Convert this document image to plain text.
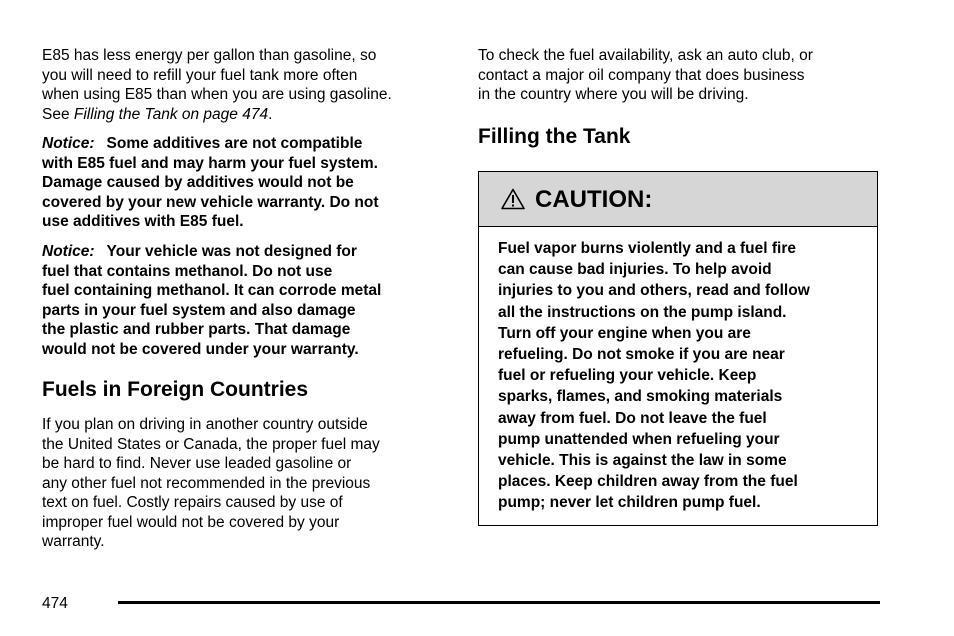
E85 has less energy per gallon than gasoline, so
you will need to refill your fuel tank more often
when using E85 than when you are using gasoline.
See Filling the Tank on page 474.

Notice: Some additives are not compatible
with E85 fuel and may harm your fuel system.
Damage caused by additives would not be
covered by your new vehicle warranty. Do not
use additives with E85 fuel.

Notice: Your vehicle was not designed for
fuel that contains methanol. Do not use
fuel containing methanol. It can corrode metal
parts in your fuel system and also damage
the plastic and rubber parts. That damage
would not be covered under your warranty.

Fuels in Foreign Countries

If you plan on driving in another country outside
the United States or Canada, the proper fuel may
be hard to find. Never use leaded gasoline or
any other fuel not recommended in the previous
text on fuel. Costly repairs caused by use of
improper fuel would not be covered by your
warranty.

To check the fuel availability, ask an auto club, or
contact a major oil company that does business
in the country where you will be driving.

Filling the Tank
CAUTION:

Fuel vapor burns violently and a fuel fire
can cause bad injuries. To help avoid
injuries to you and others, read and follow
all the instructions on the pump island.
Turn off your engine when you are
refueling. Do not smoke if you are near
fuel or refueling your vehicle. Keep
sparks, flames, and smoking materials
away from fuel. Do not leave the fuel
pump unattended when refueling your
vehicle. This is against the law in some
places. Keep children away from the fuel
pump; never let children pump fuel.

474
